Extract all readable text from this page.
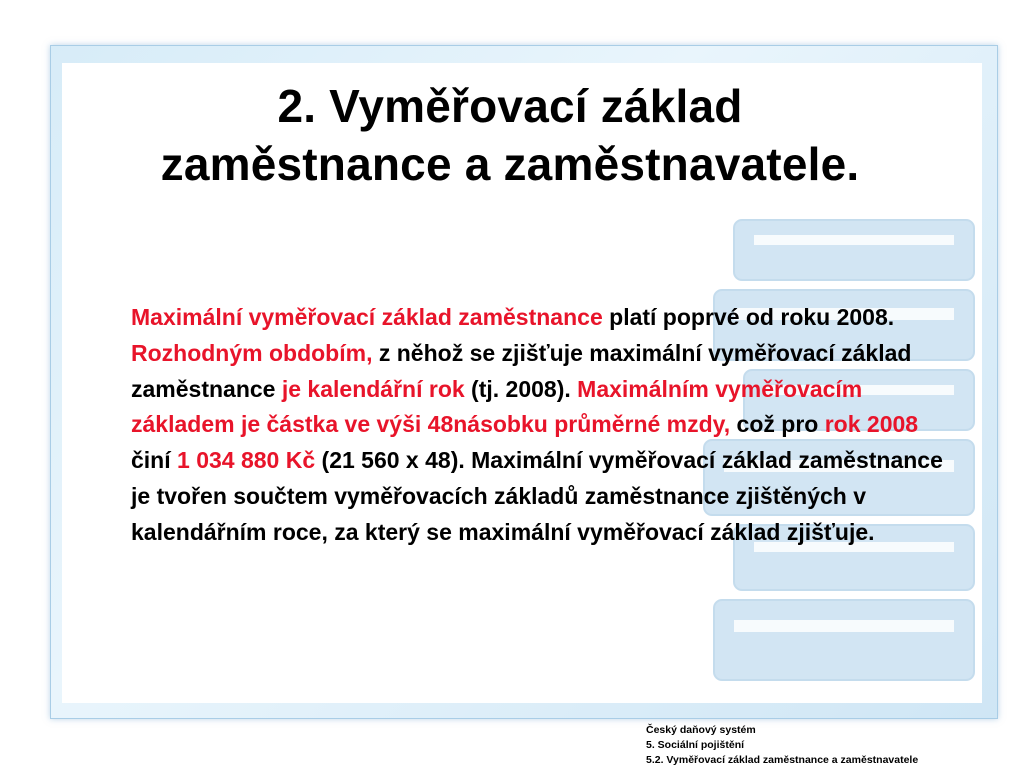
2. Vyměřovací základ
zaměstnance a zaměstnavatele.
Maximální vyměřovací základ zaměstnance platí poprvé od roku 2008. Rozhodným obdobím, z něhož se zjišťuje maximální vyměřovací základ zaměstnance je kalendářní rok (tj. 2008). Maximálním vyměřovacím základem je částka ve výši 48násobku průměrné mzdy, což pro rok 2008 činí 1 034 880 Kč (21 560 x 48). Maximální vyměřovací základ zaměstnance je tvořen součtem vyměřovacích základů zaměstnance zjištěných v kalendářním roce, za který se maximální vyměřovací základ zjišťuje.
Český daňový systém
5. Sociální pojištění
5.2. Vyměřovací základ zaměstnance a zaměstnavatele
